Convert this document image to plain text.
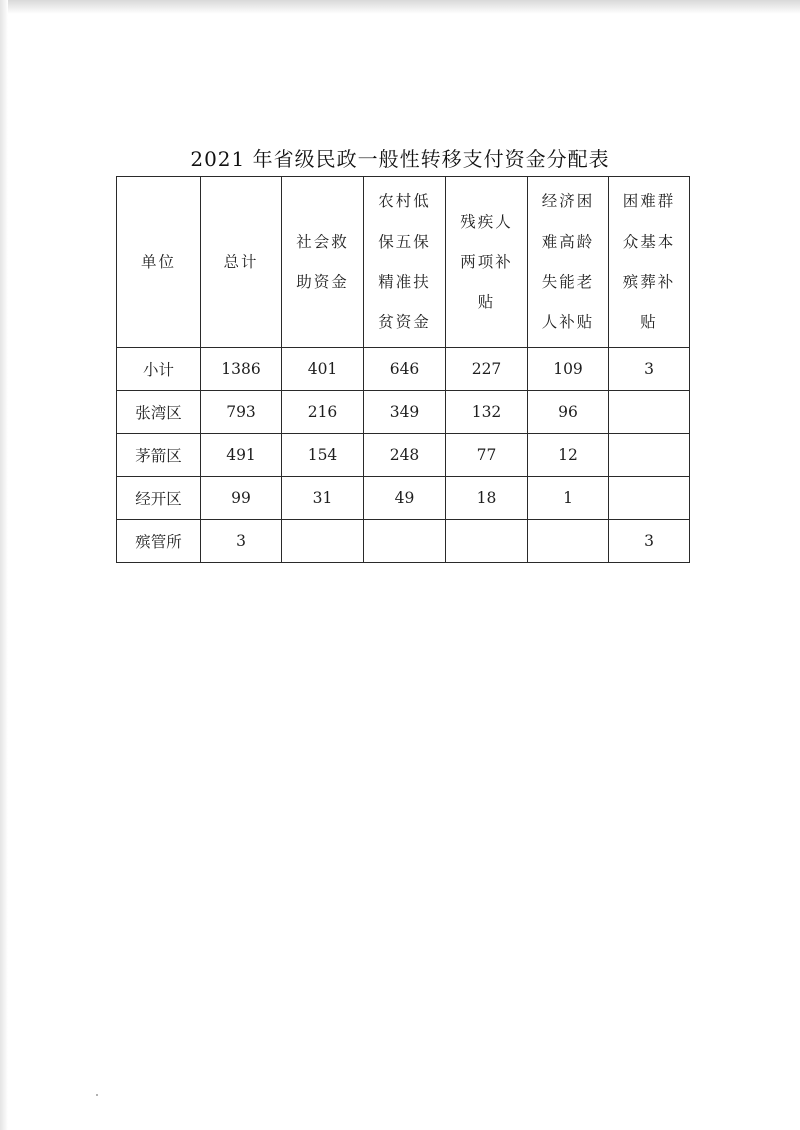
2021 年省级民政一般性转移支付资金分配表
单位	总计	社会救助资金	农村低保五保精准扶贫资金	残疾人两项补贴	经济困难高龄失能老人补贴	困难群众基本殡葬补贴
小计	1386	401	646	227	109	3
张湾区	793	216	349	132	96	
茅箭区	491	154	248	77	12	
经开区	99	31	49	18	1	
殡管所	3					3
